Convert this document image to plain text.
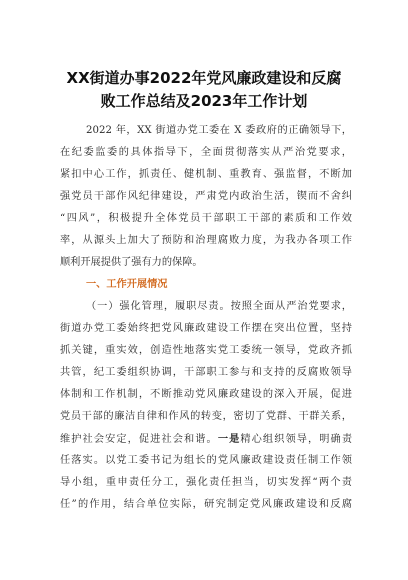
XX街道办事2022年党风廉政建设和反腐
败工作总结及2023年工作计划
2022 年，XX 街道办党工委在 X 委政府的正确领导下，
在纪委监委的具体指导下，全面贯彻落实从严治党要求，
紧扣中心工作，抓责任、健机制、重教育、强监督，不断加
强党员干部作风纪律建设，严肃党内政治生活，锲而不舍纠
“四风”，积极提升全体党员干部职工干部的素质和工作效
率，从源头上加大了预防和治理腐败力度，为我办各项工作
顺利开展提供了强有力的保障。
一、工作开展情况
（一）强化管理，履职尽责。按照全面从严治党要求，
街道办党工委始终把党风廉政建设工作摆在突出位置，坚持
抓关键，重实效，创造性地落实党工委统一领导，党政齐抓
共管，纪工委组织协调，干部职工参与和支持的反腐败领导
体制和工作机制，不断推动党风廉政建设的深入开展，促进
党员干部的廉洁自律和作风的转变，密切了党群、干群关系，
维护社会安定，促进社会和谐。一是精心组织领导，明确责
任落实。以党工委书记为组长的党风廉政建设责任制工作领
导小组，重申责任分工，强化责任担当，切实发挥“两个责
任”的作用，结合单位实际，研究制定党风廉政建设和反腐
